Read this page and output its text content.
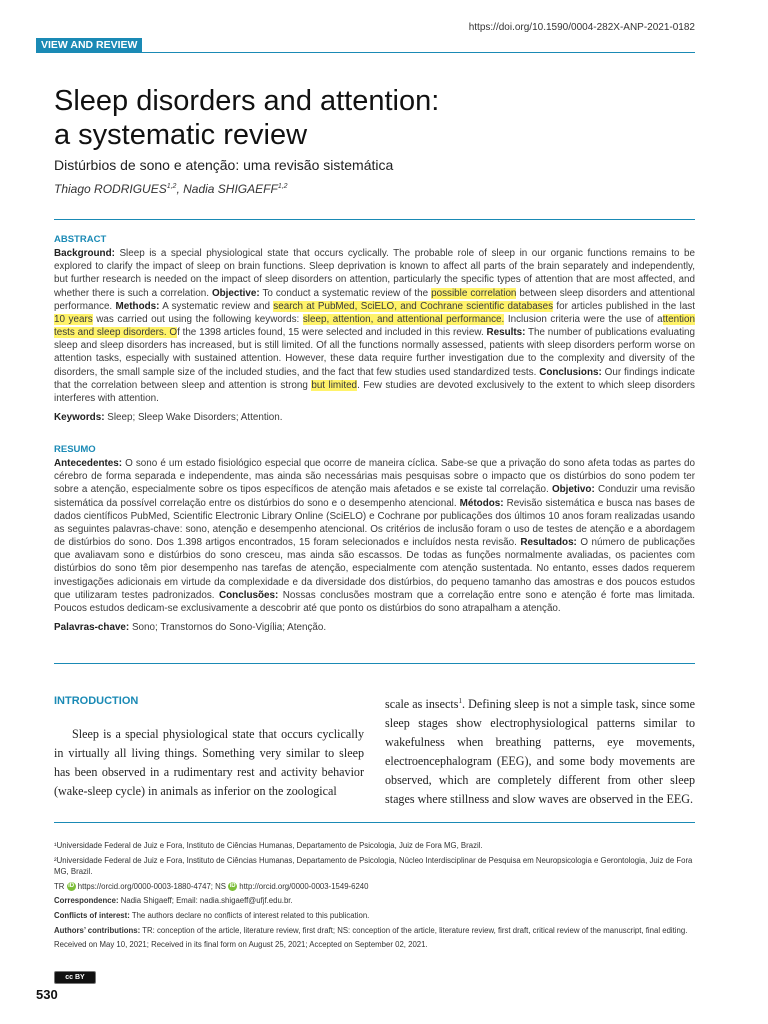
https://doi.org/10.1590/0004-282X-ANP-2021-0182
VIEW AND REVIEW
Sleep disorders and attention:
a systematic review
Distúrbios de sono e atenção: uma revisão sistemática
Thiago RODRIGUES$^{1,2}$, Nadia SHIGAEFF$^{1,2}$
ABSTRACT

Background: Sleep is a special physiological state that occurs cyclically. The probable role of sleep in our organic functions remains to be explored to clarify the impact of sleep on brain functions. Sleep deprivation is known to affect all parts of the brain separately and independently, but further research is needed on the impact of sleep disorders on attention, particularly the specific types of attention that are most affected, and whether there is such a correlation. Objective: To conduct a systematic review of the possible correlation between sleep disorders and attentional performance. Methods: A systematic review and search at PubMed, SciELO, and Cochrane scientific databases for articles published in the last 10 years was carried out using the following keywords: sleep, attention, and attentional performance. Inclusion criteria were the use of attention tests and sleep disorders. Of the 1398 articles found, 15 were selected and included in this review. Results: The number of publications evaluating sleep and sleep disorders has increased, but is still limited. Of all the functions normally assessed, patients with sleep disorders perform worse on attention tasks, especially with sustained attention. However, these data require further investigation due to the complexity and diversity of the disorders, the small sample size of the included studies, and the fact that few studies used standardized tests. Conclusions: Our findings indicate that the correlation between sleep and attention is strong but limited. Few studies are devoted exclusively to the extent to which sleep disorders interferes with attention.

Keywords: Sleep; Sleep Wake Disorders; Attention.

RESUMO

Antecedentes: O sono é um estado fisiológico especial que ocorre de maneira cíclica. Sabe-se que a privação do sono afeta todas as partes do cérebro de forma separada e independente, mas ainda são necessárias mais pesquisas sobre o impacto que os distúrbios do sono podem ter sobre a atenção, especialmente sobre os tipos específicos de atenção mais afetados e se existe tal correlação. Objetivo: Conduzir uma revisão sistemática da possível correlação entre os distúrbios do sono e o desempenho atencional. Métodos: Revisão sistemática e busca nas bases de dados científicos PubMed, Scientific Electronic Library Online (SciELO) e Cochrane por publicações dos últimos 10 anos foram realizadas usando as seguintes palavras-chave: sono, atenção e desempenho atencional. Os critérios de inclusão foram o uso de testes de atenção e a abordagem de distúrbios do sono. Dos 1.398 artigos encontrados, 15 foram selecionados e incluídos nesta revisão. Resultados: O número de publicações que avaliavam sono e distúrbios do sono cresceu, mas ainda são escassos. De todas as funções normalmente avaliadas, os pacientes com distúrbios do sono têm pior desempenho nas tarefas de atenção, especialmente com atenção sustentada. No entanto, esses dados requerem investigações adicionais em virtude da complexidade e da diversidade dos distúrbios, do pequeno tamanho das amostras e dos poucos estudos que utilizaram testes padronizados. Conclusões: Nossas conclusões mostram que a correlação entre sono e atenção é forte mas limitada. Poucos estudos dedicam-se exclusivamente a descobrir até que ponto os distúrbios do sono atrapalham a atenção.

Palavras-chave: Sono; Transtornos do Sono-Vigília; Atenção.

INTRODUCTION

Sleep is a special physiological state that occurs cyclically in virtually all living things. Something very similar to sleep has been observed in a rudimentary rest and activity behavior (wake-sleep cycle) in animals as inferior on the zoological

scale as insects$^1$. Defining sleep is not a simple task, since some sleep stages show electrophysiological patterns similar to wakefulness when breathing patterns, eye movements, electroencephalogram (EEG), and some body movements are observed, which are completely different from other sleep stages where stillness and slow waves are observed in the EEG.

¹Universidade Federal de Juiz e Fora, Instituto de Ciências Humanas, Departamento de Psicologia, Juiz de Fora MG, Brazil.

²Universidade Federal de Juiz e Fora, Instituto de Ciências Humanas, Departamento de Psicologia, Núcleo Interdisciplinar de Pesquisa em Neuropsicologia e Gerontologia, Juiz de Fora MG, Brazil.

TR iD https://orcid.org/0000-0003-1880-4747; NS iD http://orcid.org/0000-0003-1549-6240

Correspondence: Nadia Shigaeff; Email: nadia.shigaeff@ufjf.edu.br.

Conflicts of interest: The authors declare no conflicts of interest related to this publication.

Authors’ contributions: TR: conception of the article, literature review, first draft; NS: conception of the article, literature review, first draft, critical review of the manuscript, final editing.

Received on May 10, 2021; Received in its final form on August 25, 2021; Accepted on September 02, 2021.

cc BY
530
